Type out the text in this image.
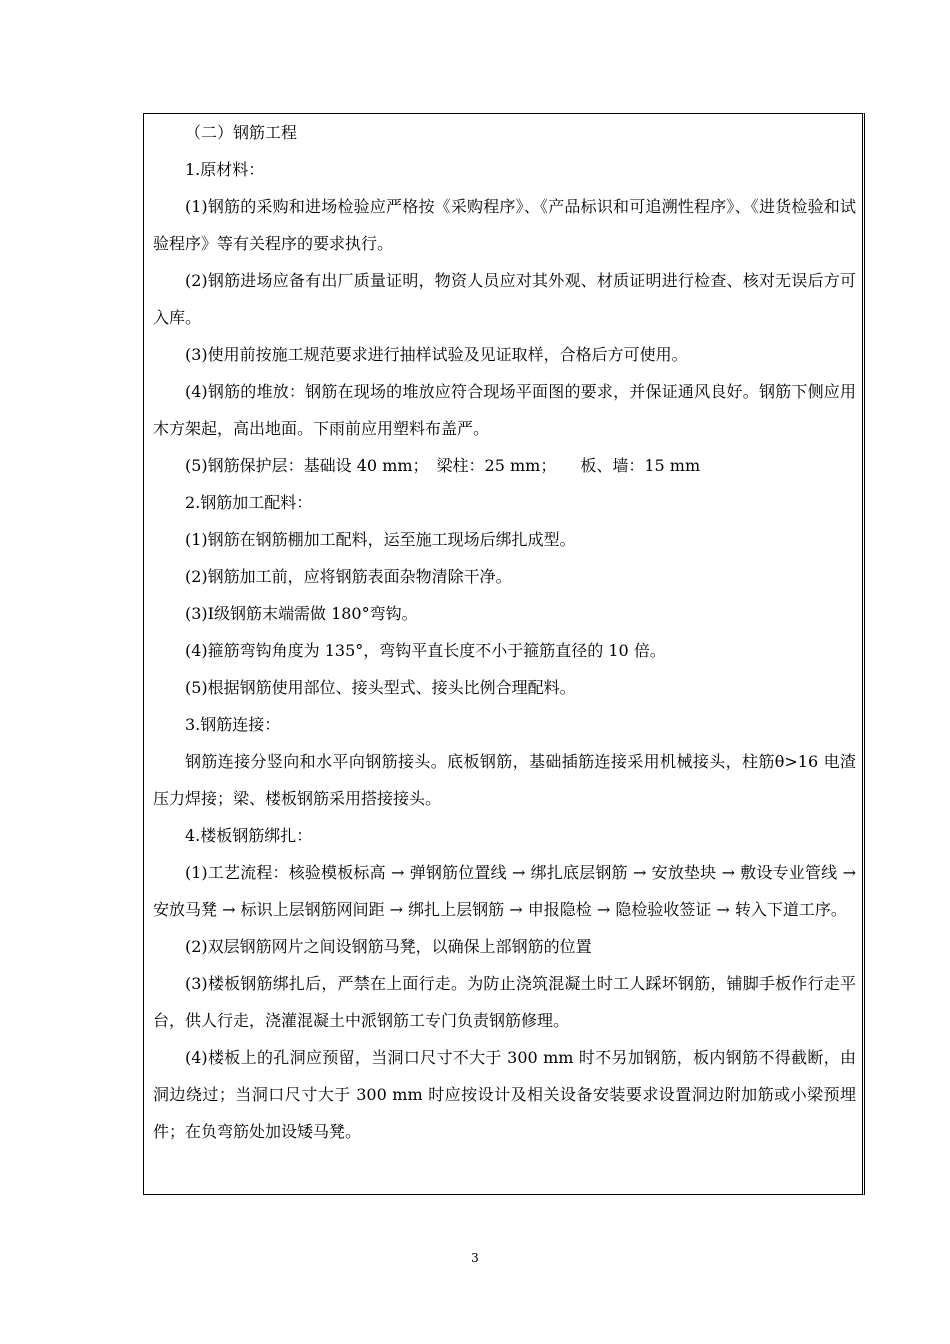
（二）钢筋工程

1.原材料：

(1)钢筋的采购和进场检验应严格按《采购程序》、《产品标识和可追溯性程序》、《进货检验和试验程序》等有关程序的要求执行。

(2)钢筋进场应备有出厂质量证明，物资人员应对其外观、材质证明进行检查、核对无误后方可入库。

(3)使用前按施工规范要求进行抽样试验及见证取样，合格后方可使用。

(4)钢筋的堆放：钢筋在现场的堆放应符合现场平面图的要求，并保证通风良好。钢筋下侧应用木方架起，高出地面。下雨前应用塑料布盖严。

(5)钢筋保护层：基础设 40 mm；　梁柱：25 mm；　　板、墙：15 mm

2.钢筋加工配料：

(1)钢筋在钢筋棚加工配料，运至施工现场后绑扎成型。

(2)钢筋加工前，应将钢筋表面杂物清除干净。

(3)Ⅰ级钢筋末端需做 180°弯钩。

(4)箍筋弯钩角度为 135°，弯钩平直长度不小于箍筋直径的 10 倍。

(5)根据钢筋使用部位、接头型式、接头比例合理配料。

3.钢筋连接：

钢筋连接分竖向和水平向钢筋接头。底板钢筋，基础插筋连接采用机械接头，柱筋θ>16 电渣压力焊接；梁、楼板钢筋采用搭接接头。

4.楼板钢筋绑扎：

(1)工艺流程：核验模板标高 → 弹钢筋位置线 → 绑扎底层钢筋 → 安放垫块 → 敷设专业管线 → 安放马凳 → 标识上层钢筋网间距 → 绑扎上层钢筋 → 申报隐检 → 隐检验收签证 → 转入下道工序。

(2)双层钢筋网片之间设钢筋马凳，以确保上部钢筋的位置

(3)楼板钢筋绑扎后，严禁在上面行走。为防止浇筑混凝土时工人踩坏钢筋，铺脚手板作行走平台，供人行走，浇灌混凝土中派钢筋工专门负责钢筋修理。

(4)楼板上的孔洞应预留，当洞口尺寸不大于 300 mm 时不另加钢筋，板内钢筋不得截断，由洞边绕过；当洞口尺寸大于 300 mm 时应按设计及相关设备安装要求设置洞边附加筋或小梁预埋件；在负弯筋处加设矮马凳。

3
